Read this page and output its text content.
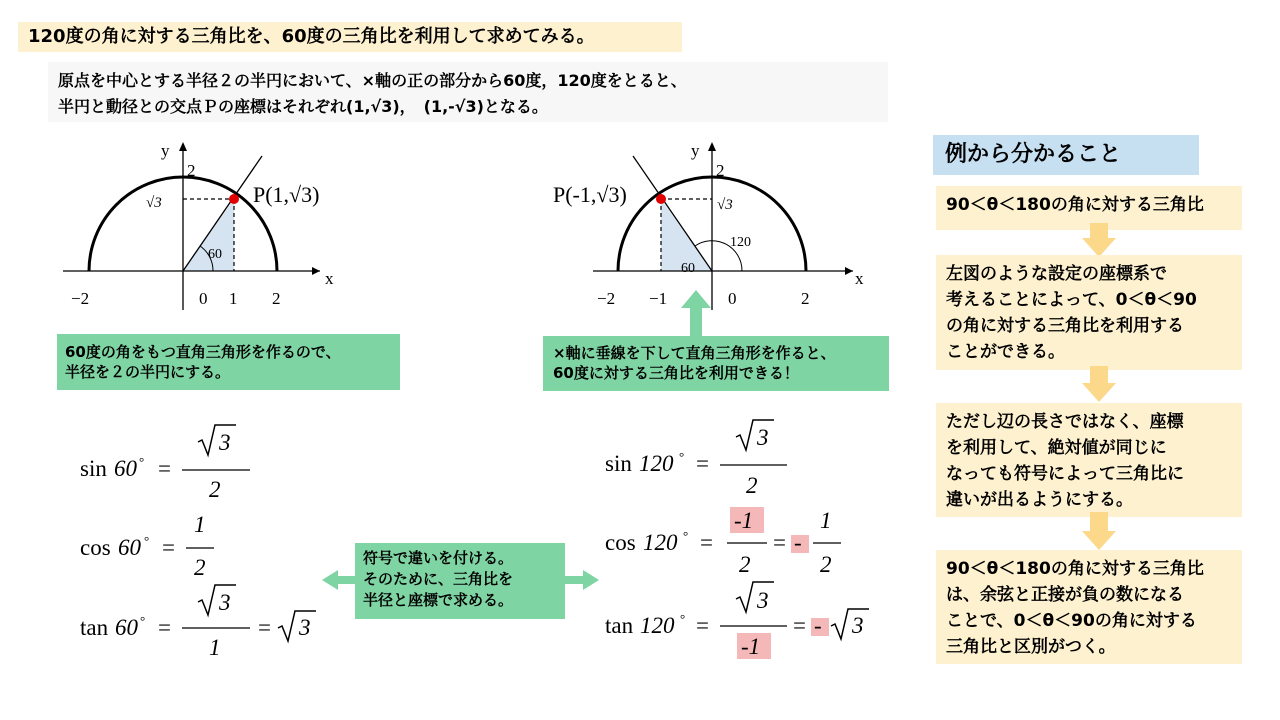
120度の角に対する三角比を、60度の三角比を利用して求めてみる。
原点を中心とする半径２の半円において、×軸の正の部分から60度，120度をとると、
半円と動径との交点Ｐの座標はそれぞれ(1,√3)，　(1,-√3)となる。
y
2
√3	P(1,√3)
60
x
−2	0 1 2
y
2
√3
P(-1,√3)
120
60
x
−2 −1	0	2
60度の角をもつ直角三角形を作るので、
半径を２の半円にする。
×軸に垂線を下して直角三角形を作ると、
60度に対する三角比を利用できる！
符号で違いを付ける。
そのために、三角比を
半径と座標で求める。
sin 60 ° =
3
2
cos 60 ° =
1
2
tan 60 ° =
3
1
= 3
sin 120 ° =
3
2
cos 120 ° =
-1
2
= -
1
2
tan 120 ° =
3
-1
= - 3
例から分かること
90＜θ＜180の角に対する三角比
左図のような設定の座標系で
考えることによって、0＜θ＜90
の角に対する三角比を利用する
ことができる。
ただし辺の長さではなく、座標
を利用して、絶対値が同じに
なっても符号によって三角比に
違いが出るようにする。
90＜θ＜180の角に対する三角比
は、余弦と正接が負の数になる
ことで、0＜θ＜90の角に対する
三角比と区別がつく。
